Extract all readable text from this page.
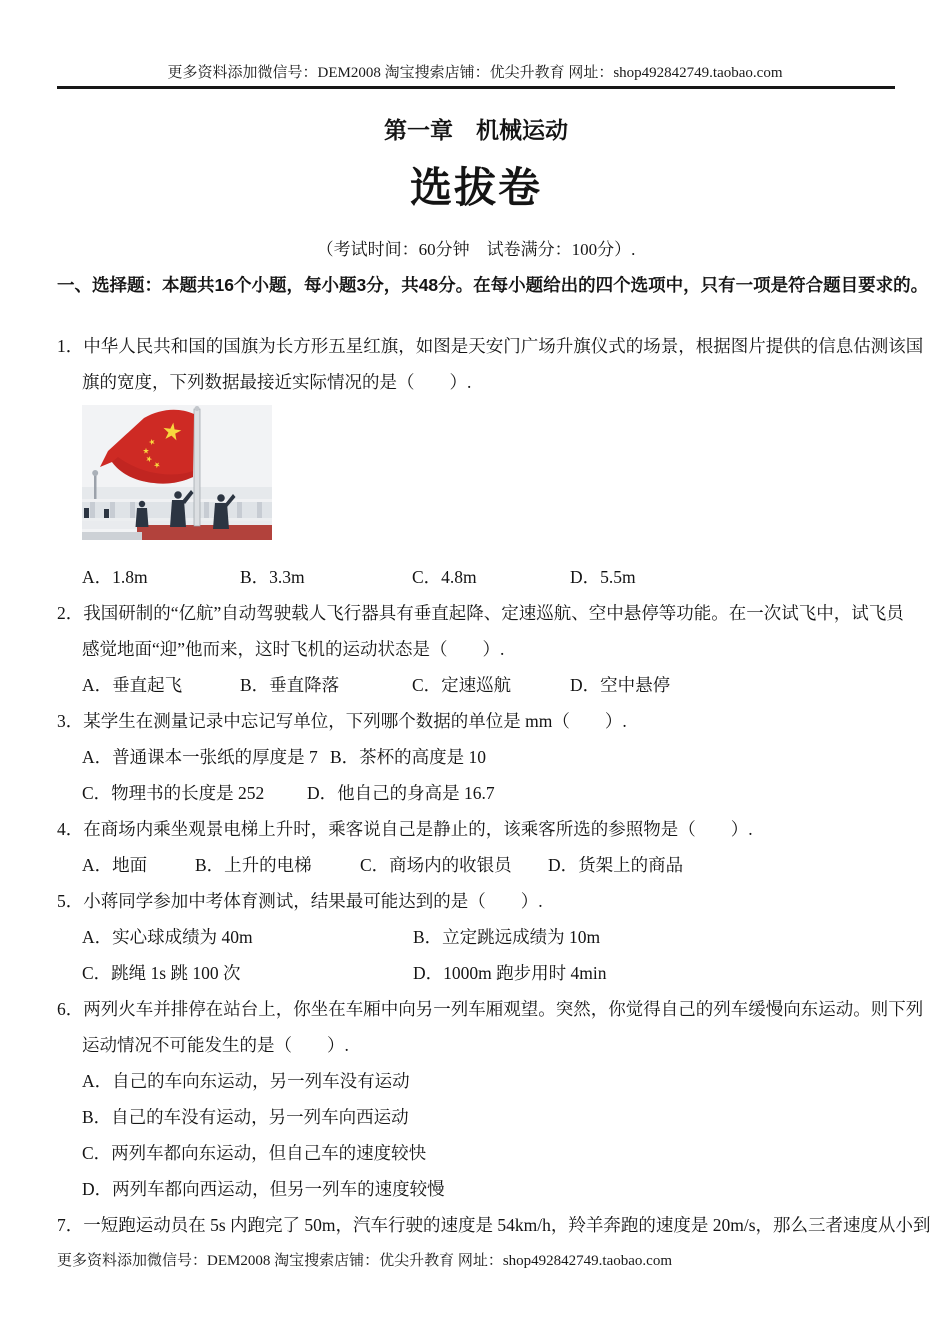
更多资料添加微信号：DEM2008 淘宝搜索店铺：优尖升教育 网址：shop492842749.taobao.com
第一章　机械运动
选拔卷
（考试时间：60分钟　试卷满分：100分）.
一、选择题：本题共16个小题，每小题3分，共48分。在每小题给出的四个选项中，只有一项是符合题目要求的。
1．中华人民共和国的国旗为长方形五星红旗，如图是天安门广场升旗仪式的场景，根据图片提供的信息估测该国
旗的宽度，下列数据最接近实际情况的是（　　）.
A．1.8m	B．3.3m	C．4.8m	D．5.5m
2．我国研制的“亿航”自动驾驶载人飞行器具有垂直起降、定速巡航、空中悬停等功能。在一次试飞中，试飞员
感觉地面“迎”他而来，这时飞机的运动状态是（　　）.
A．垂直起飞	B．垂直降落	C．定速巡航	D．空中悬停
3．某学生在测量记录中忘记写单位，下列哪个数据的单位是 mm（　　）.
A．普通课本一张纸的厚度是 7 B．茶杯的高度是 10
C．物理书的长度是 252	D．他自己的身高是 16.7
4．在商场内乘坐观景电梯上升时，乘客说自己是静止的，该乘客所选的参照物是（　　）.
A．地面	B．上升的电梯	C．商场内的收银员	D．货架上的商品
5．小蒋同学参加中考体育测试，结果最可能达到的是（　　）.
A．实心球成绩为 40m	B．立定跳远成绩为 10m
C．跳绳 1s 跳 100 次	D．1000m 跑步用时 4min
6．两列火车并排停在站台上，你坐在车厢中向另一列车厢观望。突然，你觉得自己的列车缓慢向东运动。则下列
运动情况不可能发生的是（　　）.
A．自己的车向东运动，另一列车没有运动
B．自己的车没有运动，另一列车向西运动
C．两列车都向东运动，但自己车的速度较快
D．两列车都向西运动，但另一列车的速度较慢
7．一短跑运动员在 5s 内跑完了 50m，汽车行驶的速度是 54km/h，羚羊奔跑的速度是 20m/s，那么三者速度从小到
更多资料添加微信号：DEM2008 淘宝搜索店铺：优尖升教育 网址：shop492842749.taobao.com
